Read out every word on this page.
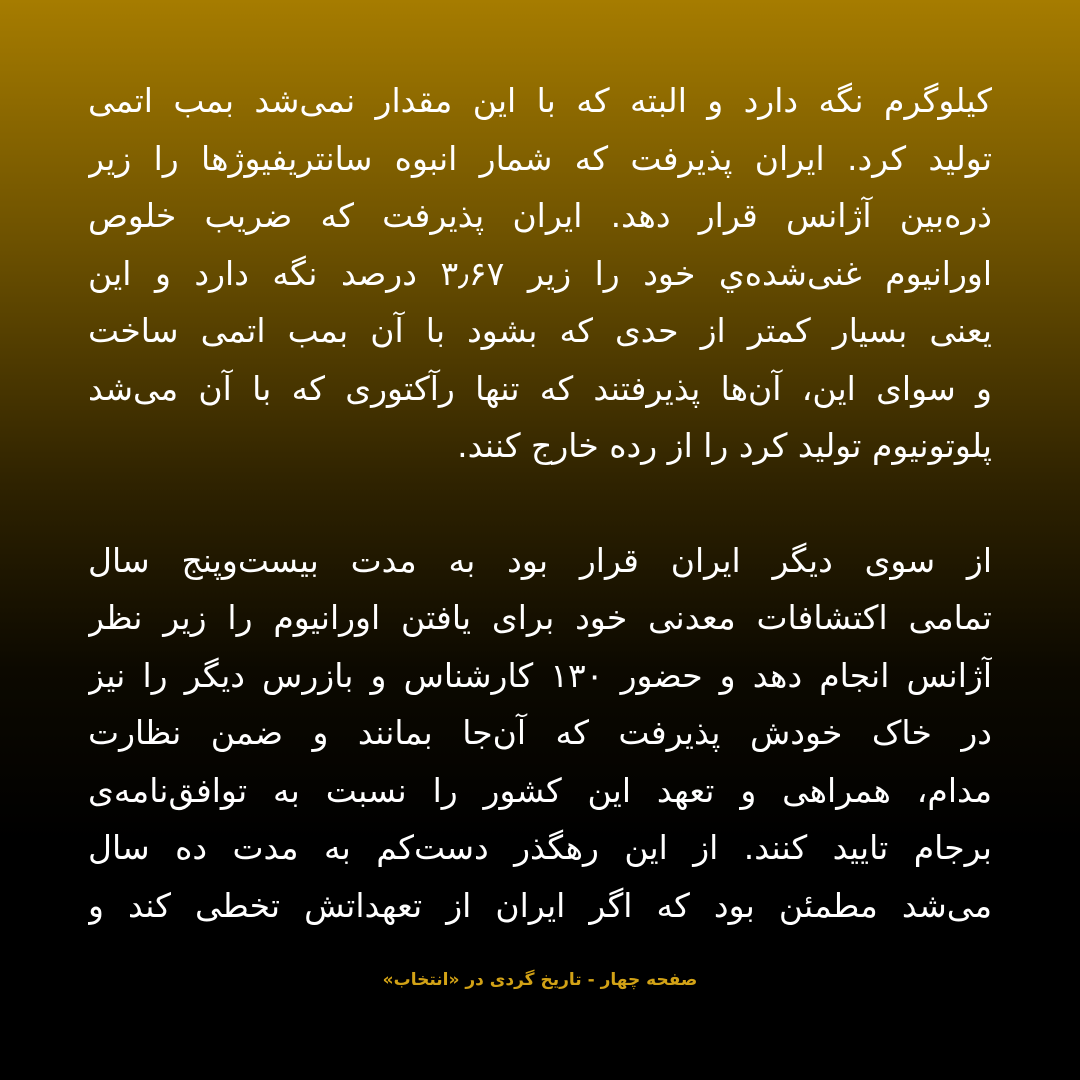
کیلوگرم نگه دارد و البته که با این مقدار نمی‌شد بمب اتمی
تولید کرد. ایران پذیرفت که شمار انبوه سانتریفیوژها را زیر
ذره‌بین آژانس قرار دهد. ایران پذیرفت که ضریب خلوص
اورانیوم غنی‌شده‌ي خود را زیر ۳٫۶۷ درصد نگه دارد و این
یعنی بسیار کمتر از حدی که بشود با آن بمب اتمی ساخت
و سوای این، آن‌ها پذیرفتند که تنها رآکتوری که با آن می‌شد
پلوتونیوم تولید کرد را از رده خارج کنند.
از سوی دیگر ایران قرار بود به مدت بیست‌وپنج سال
تمامی اکتشافات معدنی خود برای یافتن اورانیوم را زیر نظر
آژانس انجام دهد و حضور ۱۳۰ کارشناس و بازرس دیگر را نیز
در خاک خودش پذیرفت که آن‌جا بمانند و ضمن نظارت
مدام، همراهی و تعهد این کشور را نسبت به توافق‌نامه‌ی
برجام تایید کنند. از این رهگذر دست‌کم به مدت ده سال
می‌شد مطمئن بود که اگر ایران از تعهداتش تخطی کند و
صفحه چهار - تاریخ گردی در «انتخاب»
